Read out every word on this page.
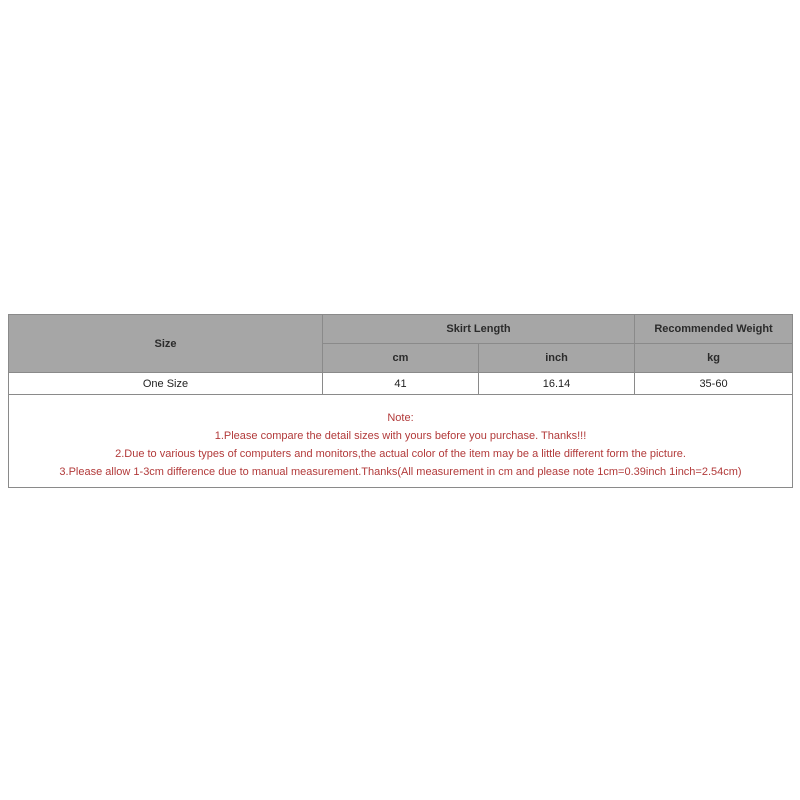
Size	Skirt Length		Recommended Weight
	cm	inch	kg
One Size	41	16.14	35-60

Note:
1.Please compare the detail sizes with yours before you purchase. Thanks!!!
2.Due to various types of computers and monitors,the actual color of the item may be a little different form the picture.
3.Please allow 1-3cm difference due to manual measurement.Thanks(All measurement in cm and please note 1cm=0.39inch 1inch=2.54cm)			
